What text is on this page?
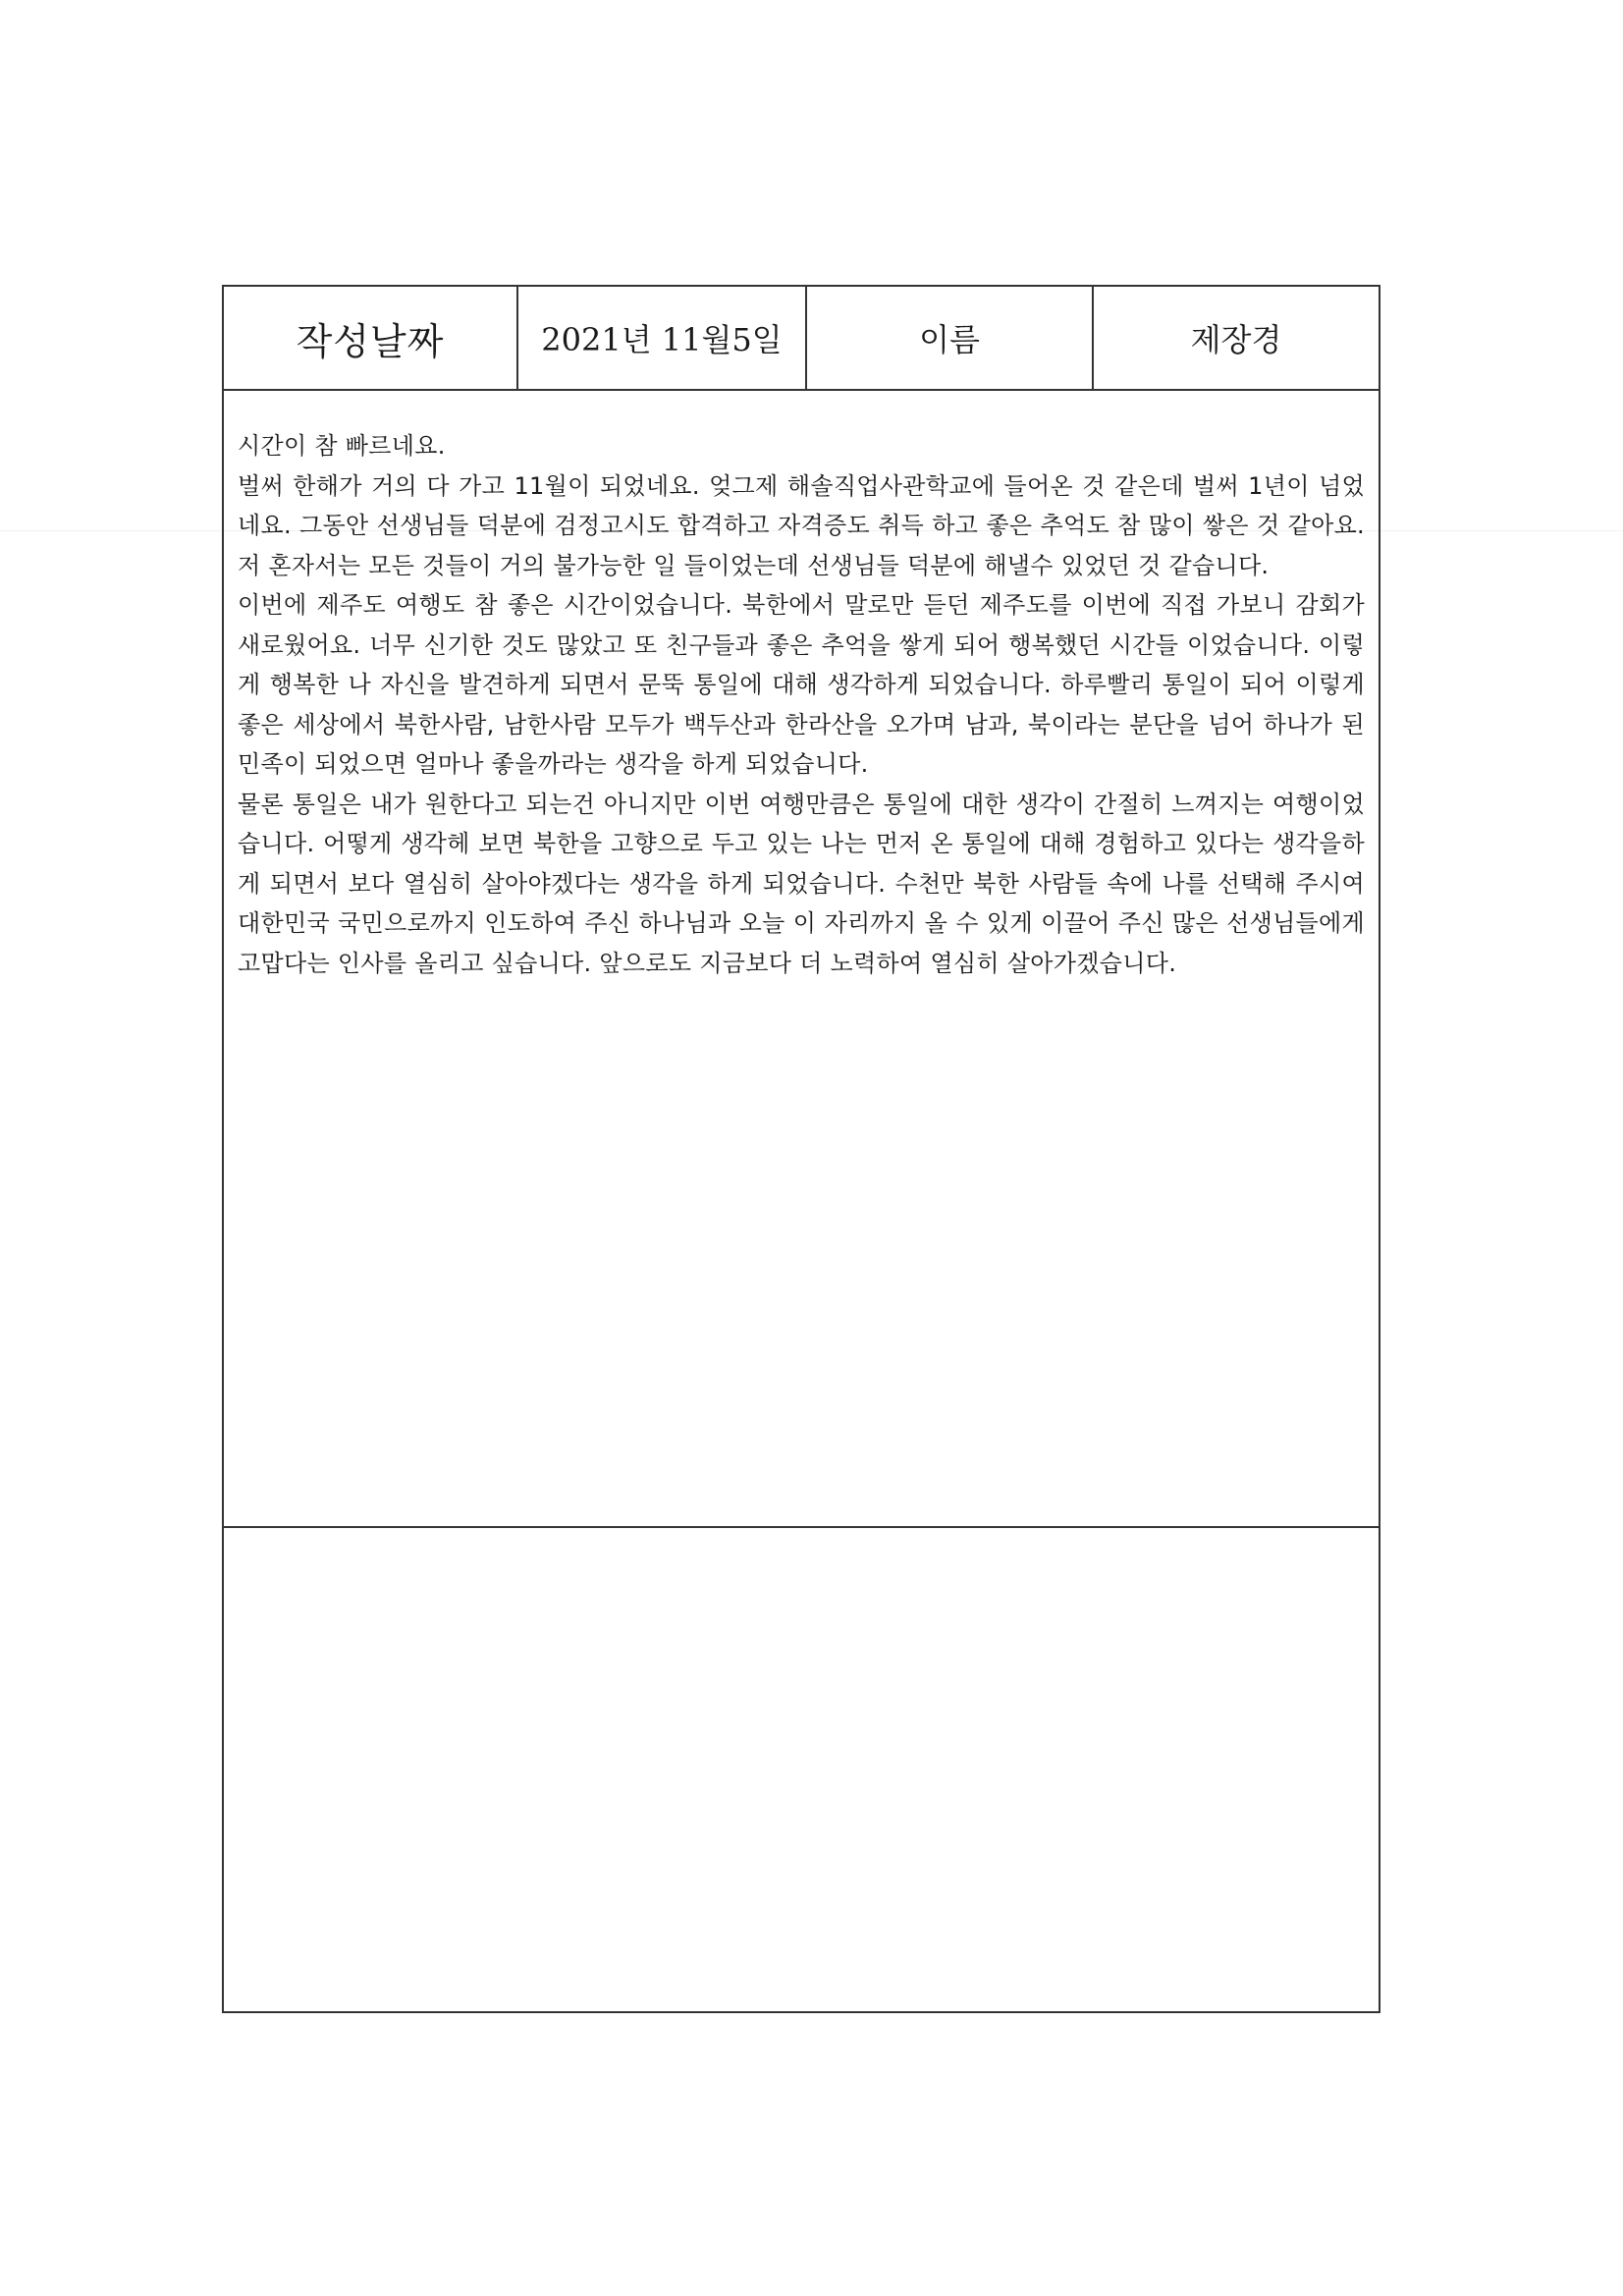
작성날짜	2021년 11월5일	이름	제장경

시간이 참 빠르네요.

벌써 한해가 거의 다 가고 11월이 되었네요. 엊그제 해솔직업사관학교에 들어온 것 같은데 벌써 1년이 넘었네요. 그동안 선생님들 덕분에 검정고시도 합격하고 자격증도 취득 하고 좋은 추억도 참 많이 쌓은 것 같아요. 저 혼자서는 모든 것들이 거의 불가능한 일 들이었는데 선생님들 덕분에 해낼수 있었던 것 같습니다.

이번에 제주도 여행도 참 좋은 시간이었습니다. 북한에서 말로만 듣던 제주도를 이번에 직접 가보니 감회가 새로웠어요. 너무 신기한 것도 많았고 또 친구들과 좋은 추억을 쌓게 되어 행복했던 시간들 이었습니다. 이렇게 행복한 나 자신을 발견하게 되면서 문뚝 통일에 대해 생각하게 되었습니다. 하루빨리 통일이 되어 이렇게 좋은 세상에서 북한사람, 남한사람 모두가 백두산과 한라산을 오가며 남과, 북이라는 분단을 넘어 하나가 된 민족이 되었으면 얼마나 좋을까라는 생각을 하게 되었습니다.

물론 통일은 내가 원한다고 되는건 아니지만 이번 여행만큼은 통일에 대한 생각이 간절히 느껴지는 여행이었습니다. 어떻게 생각헤 보면 북한을 고향으로 두고 있는 나는 먼저 온 통일에 대해 경험하고 있다는 생각을하게 되면서 보다 열심히 살아야겠다는 생각을 하게 되었습니다. 수천만 북한 사람들 속에 나를 선택해 주시여 대한민국 국민으로까지 인도하여 주신 하나님과 오늘 이 자리까지 올 수 있게 이끌어 주신 많은 선생님들에게 고맙다는 인사를 올리고 싶습니다. 앞으로도 지금보다 더 노력하여 열심히 살아가겠습니다.
